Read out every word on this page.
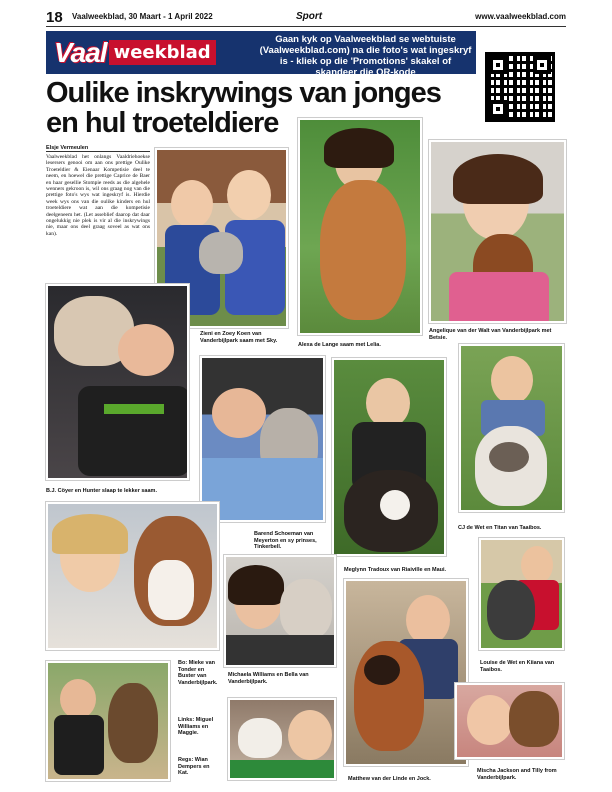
18 Vaalweekblad, 30 Maart - 1 April 2022	Sport	www.vaalweekblad.com
Vaal weekblad
Gaan kyk op Vaalweekblad se webtuiste (Vaalweekblad.com) na die foto's wat ingeskryf is - kliek op die 'Promotions' skakel of skandeer die QR-kode
Oulike inskrywings van jonges en hul troeteldiere
Elsje Vermeulen

Vaalweekblad het onlangs Vaaldriehoekse lesersers genooi om aan ons prettige Oulike Troeteldier & Eienaar Kompetisie deel te neem, en hoewel die prettige Caprice de Baer en haar gesellie Stompie reeds as die algehele wenners gekroon is, wil ons graag nog van die prettige foto's wys wat ingeskryf is. Hierdie week wys ons van die oulike kinders en hul troeteldiere wat aan die kompetisie deelgeneem het. (Let asseblief daarop dat daar ongelukkig nie plek is vir al die inskrywings nie, maar ons deel graag soveel as wat ons kan).

Zieni en Zoey Koen van Vanderbijlpark saam met Sky.
Alexa de Lange saam met Lelia.
Angelique van der Walt van Vanderbijlpark met Betsie.
B.J. Cöyer en Hunter slaap te lekker saam.
Barend Schoeman van Meyerton en sy prinses, Tinkerbell.
Meglynn Tradoux van Riaiville en Maui.
CJ de Wet en Titan van Taaibos.
Michaela Williams en Bella van Vanderbijlpark.
Matthew van der Linde en Jock.
Louise de Wet en Kiiana van Taaibos.
Bo: Mieke van Tonder en Buster van Vanderbijlpark.
Links: Miguel Williams en Maggie.
Regs: Wian Dempers en Kat.	Mischa Jackson and Tilly from Vanderbijlpark.
